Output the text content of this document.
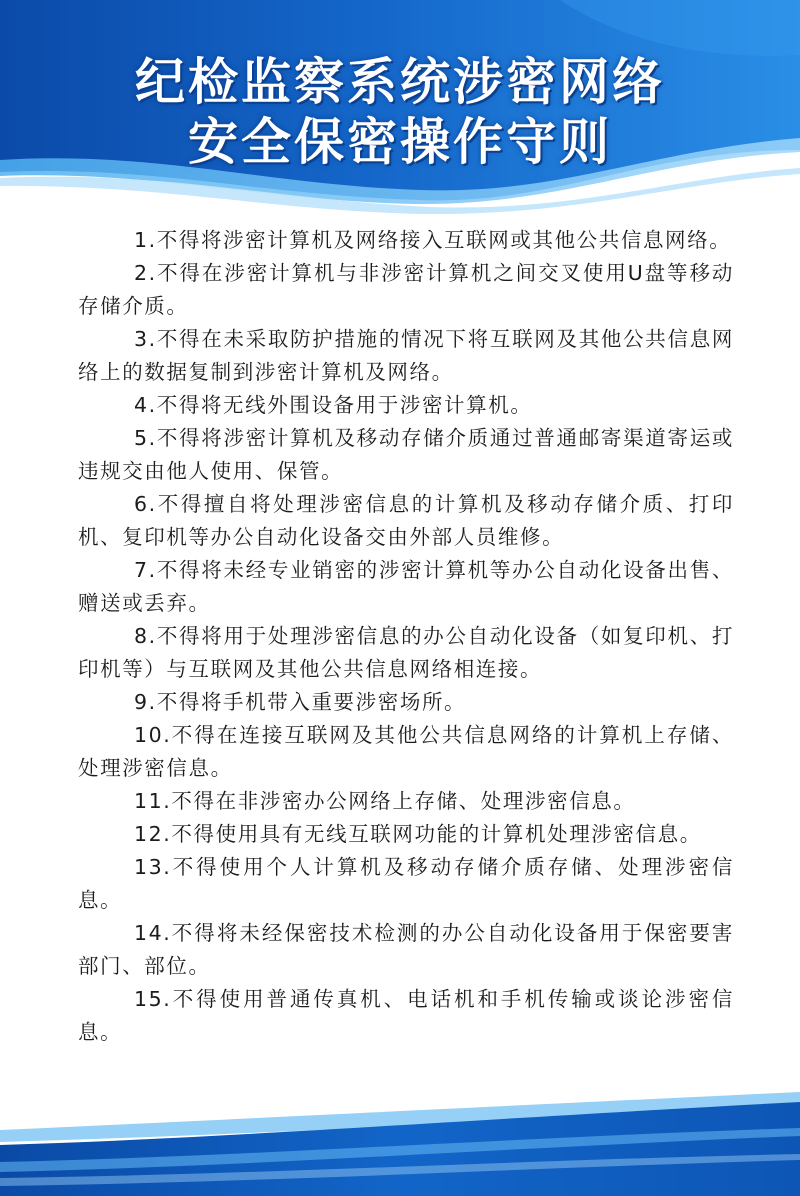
纪检监察系统涉密网络
安全保密操作守则

1.不得将涉密计算机及网络接入互联网或其他公共信息网络。

2.不得在涉密计算机与非涉密计算机之间交叉使用U盘等移动存储介质。

3.不得在未采取防护措施的情况下将互联网及其他公共信息网络上的数据复制到涉密计算机及网络。

4.不得将无线外围设备用于涉密计算机。

5.不得将涉密计算机及移动存储介质通过普通邮寄渠道寄运或违规交由他人使用、保管。

6.不得擅自将处理涉密信息的计算机及移动存储介质、打印机、复印机等办公自动化设备交由外部人员维修。

7.不得将未经专业销密的涉密计算机等办公自动化设备出售、赠送或丢弃。

8.不得将用于处理涉密信息的办公自动化设备（如复印机、打印机等）与互联网及其他公共信息网络相连接。

9.不得将手机带入重要涉密场所。

10.不得在连接互联网及其他公共信息网络的计算机上存储、处理涉密信息。

11.不得在非涉密办公网络上存储、处理涉密信息。

12.不得使用具有无线互联网功能的计算机处理涉密信息。

13.不得使用个人计算机及移动存储介质存储、处理涉密信息。

14.不得将未经保密技术检测的办公自动化设备用于保密要害部门、部位。

15.不得使用普通传真机、电话机和手机传输或谈论涉密信息。
